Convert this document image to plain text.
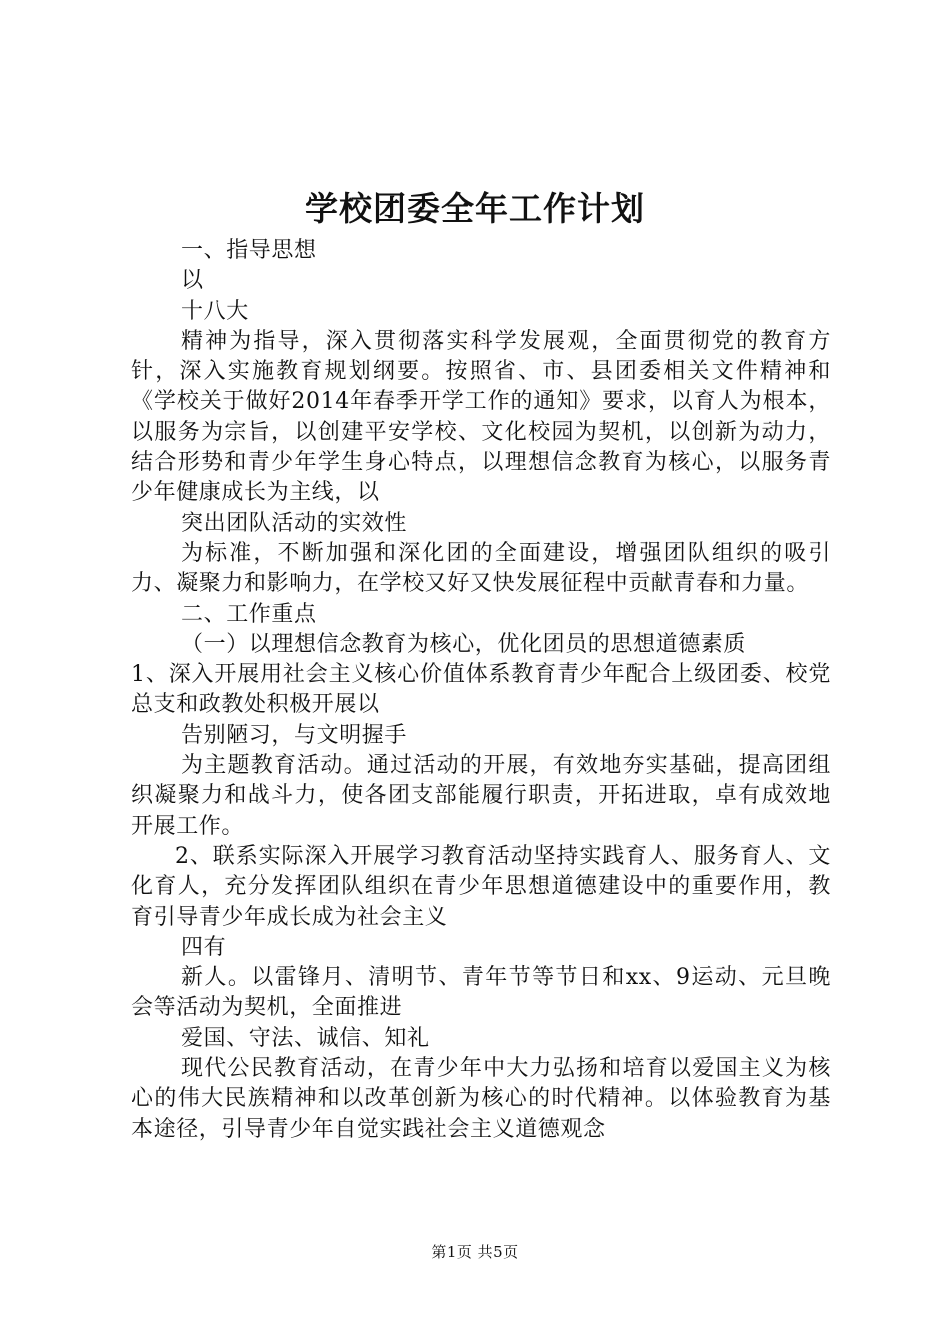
学校团委全年工作计划

一、指导思想

以

十八大

精神为指导，深入贯彻落实科学发展观，全面贯彻党的教育方针，深入实施教育规划纲要。按照省、市、县团委相关文件精神和《学校关于做好2014年春季开学工作的通知》要求，以育人为根本，以服务为宗旨，以创建平安学校、文化校园为契机，以创新为动力，结合形势和青少年学生身心特点，以理想信念教育为核心，以服务青少年健康成长为主线，以

突出团队活动的实效性

为标准，不断加强和深化团的全面建设，增强团队组织的吸引力、凝聚力和影响力，在学校又好又快发展征程中贡献青春和力量。

二、工作重点

（一）以理想信念教育为核心，优化团员的思想道德素质

1、深入开展用社会主义核心价值体系教育青少年配合上级团委、校党总支和政教处积极开展以

告别陋习，与文明握手

为主题教育活动。通过活动的开展，有效地夯实基础，提高团组织凝聚力和战斗力，使各团支部能履行职责，开拓进取，卓有成效地开展工作。

2、联系实际深入开展学习教育活动坚持实践育人、服务育人、文化育人，充分发挥团队组织在青少年思想道德建设中的重要作用，教育引导青少年成长成为社会主义

四有

新人。以雷锋月、清明节、青年节等节日和xx、9运动、元旦晚会等活动为契机，全面推进

爱国、守法、诚信、知礼

现代公民教育活动，在青少年中大力弘扬和培育以爱国主义为核心的伟大民族精神和以改革创新为核心的时代精神。以体验教育为基本途径，引导青少年自觉实践社会主义道德观念

第1页 共5页
